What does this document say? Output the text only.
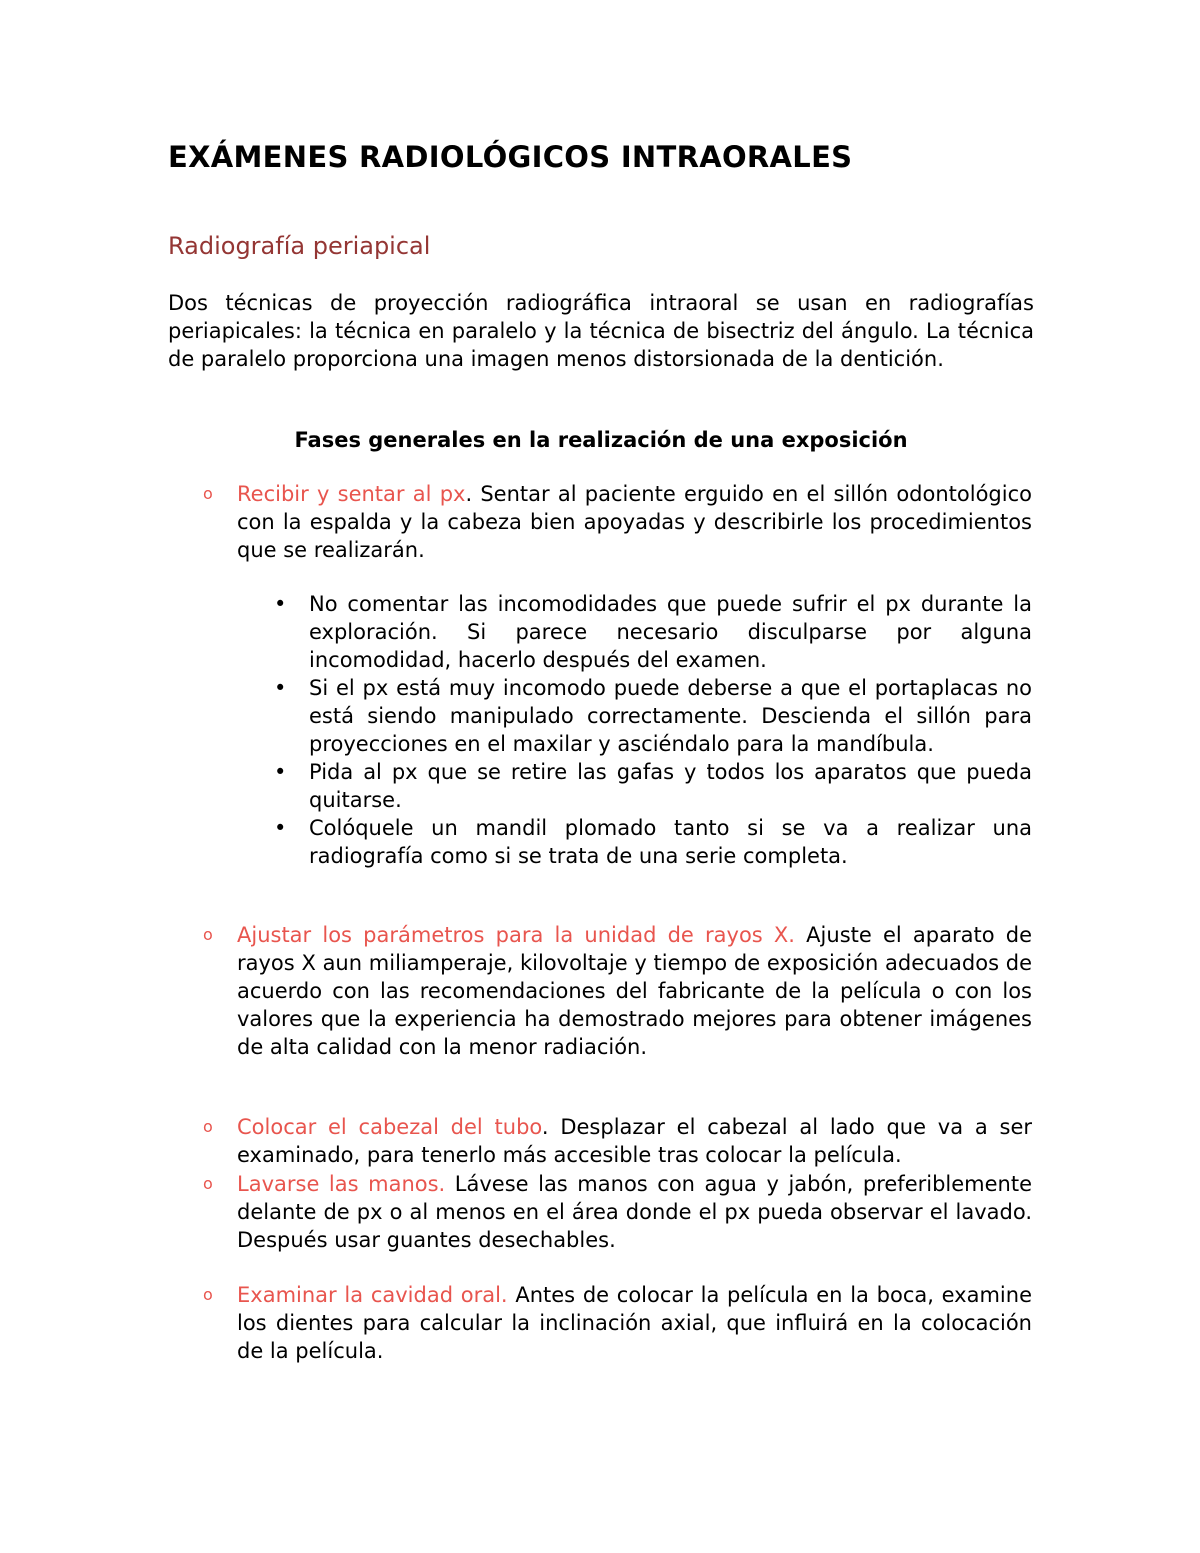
EXÁMENES RADIOLÓGICOS INTRAORALES
Radiografía periapical

Dos técnicas de proyección radiográfica intraoral se usan en radiografías periapicales: la técnica en paralelo y la técnica de bisectriz del ángulo. La técnica de paralelo proporciona una imagen menos distorsionada de la dentición.

Fases generales en la realización de una exposición
o Recibir y sentar al px. Sentar al paciente erguido en el sillón odontológico con la espalda y la cabeza bien apoyadas y describirle los procedimientos que se realizarán.

• No comentar las incomodidades que puede sufrir el px durante la exploración. Si parece necesario disculparse por alguna incomodidad, hacerlo después del examen.

• Si el px está muy incomodo puede deberse a que el portaplacas no está siendo manipulado correctamente. Descienda el sillón para proyecciones en el maxilar y asciéndalo para la mandíbula.

• Pida al px que se retire las gafas y todos los aparatos que pueda quitarse.

• Colóquele un mandil plomado tanto si se va a realizar una radiografía como si se trata de una serie completa.

o Ajustar los parámetros para la unidad de rayos X. Ajuste el aparato de rayos X aun miliamperaje, kilovoltaje y tiempo de exposición adecuados de acuerdo con las recomendaciones del fabricante de la película o con los valores que la experiencia ha demostrado mejores para obtener imágenes de alta calidad con la menor radiación.

o Colocar el cabezal del tubo. Desplazar el cabezal al lado que va a ser examinado, para tenerlo más accesible tras colocar la película.

o Lavarse las manos. Lávese las manos con agua y jabón, preferiblemente delante de px o al menos en el área donde el px pueda observar el lavado. Después usar guantes desechables.

o Examinar la cavidad oral. Antes de colocar la película en la boca, examine los dientes para calcular la inclinación axial, que influirá en la colocación de la película.
